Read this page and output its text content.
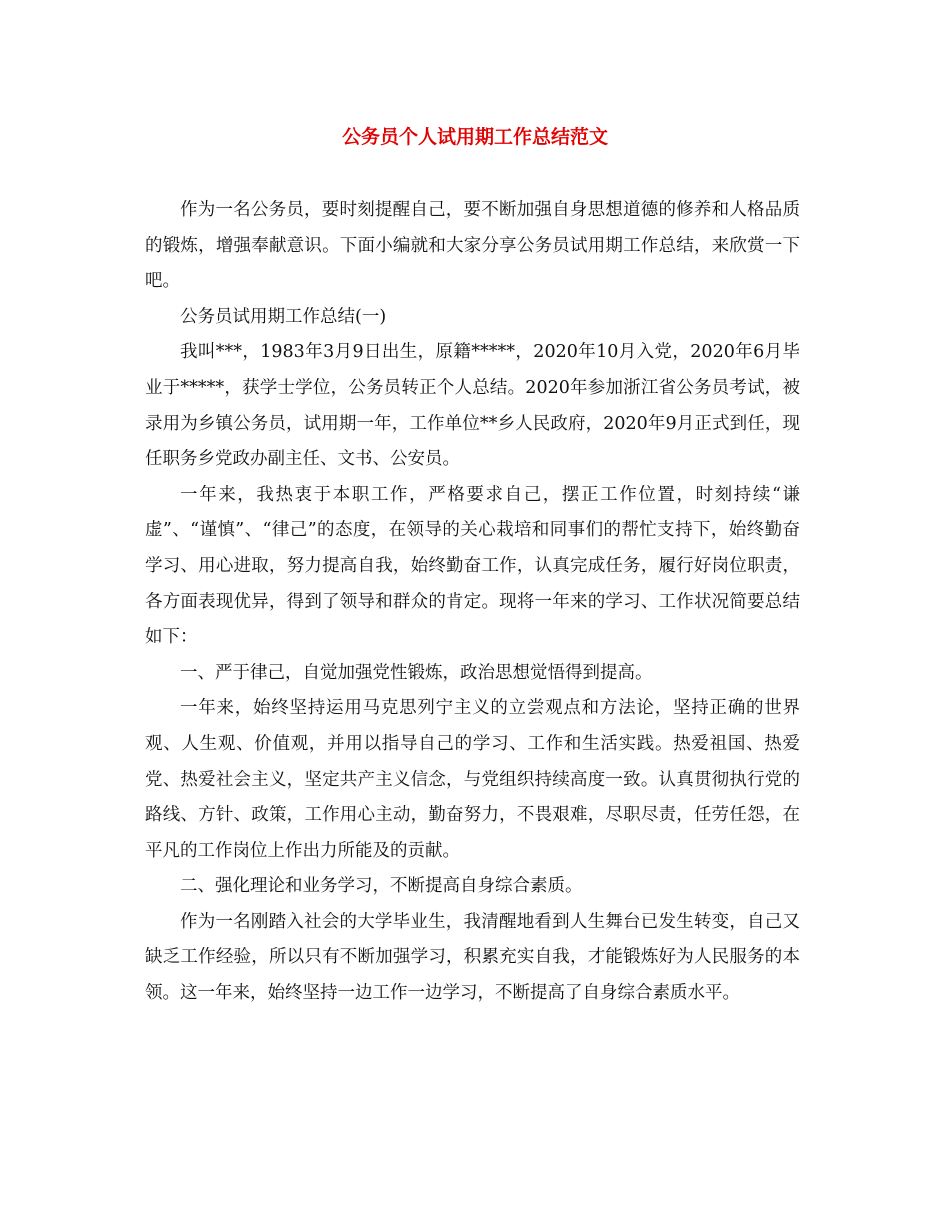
公务员个人试用期工作总结范文

作为一名公务员，要时刻提醒自己，要不断加强自身思想道德的修养和人格品质的锻炼，增强奉献意识。下面小编就和大家分享公务员试用期工作总结，来欣赏一下吧。

公务员试用期工作总结(一)

我叫***，1983年3月9日出生，原籍*****，2020年10月入党，2020年6月毕业于*****，获学士学位，公务员转正个人总结。2020年参加浙江省公务员考试，被录用为乡镇公务员，试用期一年，工作单位**乡人民政府，2020年9月正式到任，现任职务乡党政办副主任、文书、公安员。

一年来，我热衷于本职工作，严格要求自己，摆正工作位置，时刻持续“谦虚”、“谨慎”、“律己”的态度，在领导的关心栽培和同事们的帮忙支持下，始终勤奋学习、用心进取，努力提高自我，始终勤奋工作，认真完成任务，履行好岗位职责，各方面表现优异，得到了领导和群众的肯定。现将一年来的学习、工作状况简要总结如下：

一、严于律己，自觉加强党性锻炼，政治思想觉悟得到提高。

一年来，始终坚持运用马克思列宁主义的立尝观点和方法论，坚持正确的世界观、人生观、价值观，并用以指导自己的学习、工作和生活实践。热爱祖国、热爱党、热爱社会主义，坚定共产主义信念，与党组织持续高度一致。认真贯彻执行党的路线、方针、政策，工作用心主动，勤奋努力，不畏艰难，尽职尽责，任劳任怨，在平凡的工作岗位上作出力所能及的贡献。

二、强化理论和业务学习，不断提高自身综合素质。

作为一名刚踏入社会的大学毕业生，我清醒地看到人生舞台已发生转变，自己又缺乏工作经验，所以只有不断加强学习，积累充实自我，才能锻炼好为人民服务的本领。这一年来，始终坚持一边工作一边学习，不断提高了自身综合素质水平。
